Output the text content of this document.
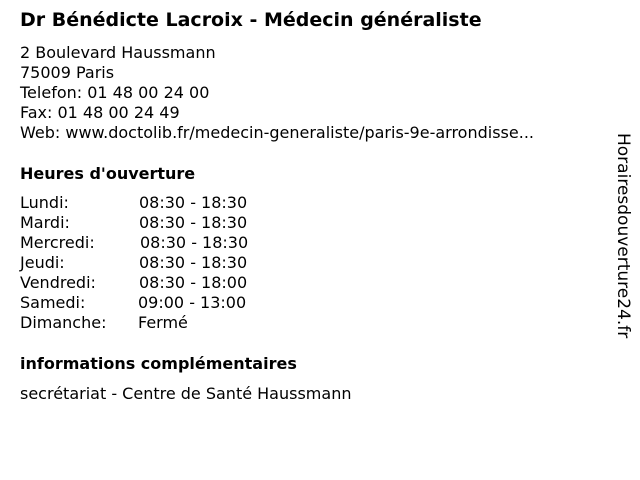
Dr Bénédicte Lacroix - Médecin généraliste
2 Boulevard Haussmann
75009 Paris
Telefon: 01 48 00 24 00
Fax: 01 48 00 24 49
Web: www.doctolib.fr/medecin-generaliste/paris-9e-arrondisse...
Heures d'ouverture
Lundi:	08:30 - 18:30
Mardi:	08:30 - 18:30
Mercredi:	08:30 - 18:30
Jeudi:	08:30 - 18:30
Vendredi:	08:30 - 18:00
Samedi:	09:00 - 13:00
Dimanche:	Fermé
informations complémentaires
secrétariat - Centre de Santé Haussmann
Horairesdouverture24.fr
